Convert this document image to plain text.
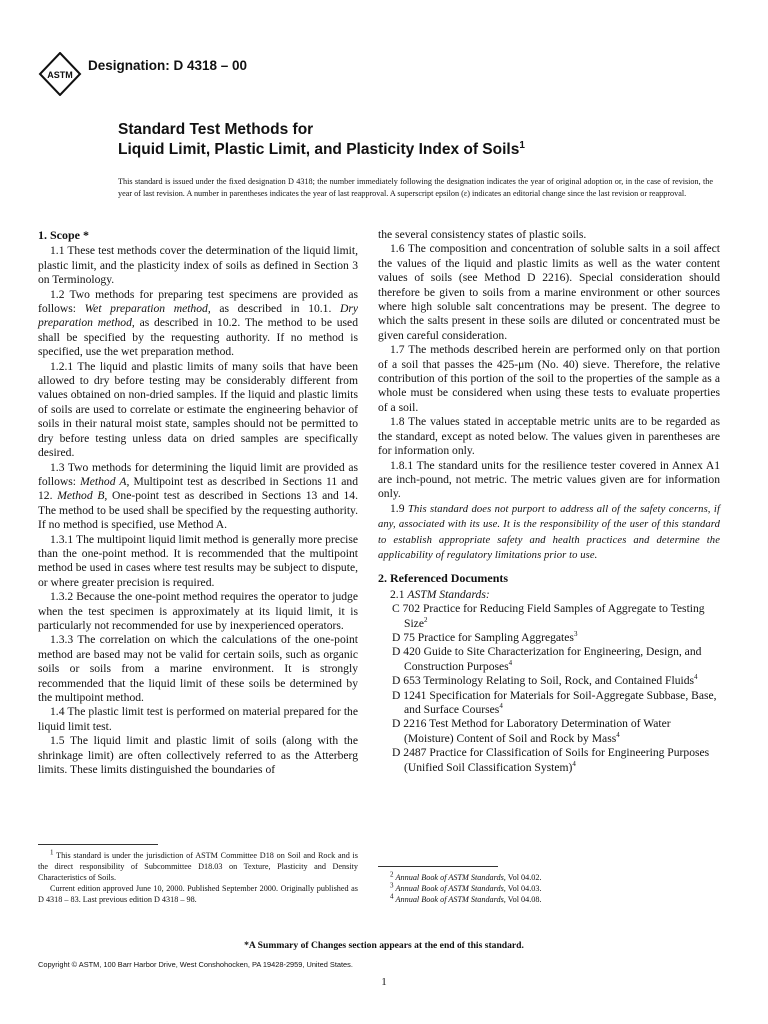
ASTM
Designation: D 4318 – 00
Standard Test Methods for
Liquid Limit, Plastic Limit, and Plasticity Index of Soils$^1$
This standard is issued under the fixed designation D 4318; the number immediately following the designation indicates the year of original adoption or, in the case of revision, the year of last revision. A number in parentheses indicates the year of last reapproval. A superscript epsilon (ε) indicates an editorial change since the last revision or reapproval.
1. Scope *

1.1 These test methods cover the determination of the liquid limit, plastic limit, and the plasticity index of soils as defined in Section 3 on Terminology.

1.2 Two methods for preparing test specimens are provided as follows: Wet preparation method, as described in 10.1. Dry preparation method, as described in 10.2. The method to be used shall be specified by the requesting authority. If no method is specified, use the wet preparation method.

1.2.1 The liquid and plastic limits of many soils that have been allowed to dry before testing may be considerably different from values obtained on non-dried samples. If the liquid and plastic limits of soils are used to correlate or estimate the engineering behavior of soils in their natural moist state, samples should not be permitted to dry before testing unless data on dried samples are specifically desired.

1.3 Two methods for determining the liquid limit are provided as follows: Method A, Multipoint test as described in Sections 11 and 12. Method B, One-point test as described in Sections 13 and 14. The method to be used shall be specified by the requesting authority. If no method is specified, use Method A.

1.3.1 The multipoint liquid limit method is generally more precise than the one-point method. It is recommended that the multipoint method be used in cases where test results may be subject to dispute, or where greater precision is required.

1.3.2 Because the one-point method requires the operator to judge when the test specimen is approximately at its liquid limit, it is particularly not recommended for use by inexperienced operators.

1.3.3 The correlation on which the calculations of the one-point method are based may not be valid for certain soils, such as organic soils or soils from a marine environment. It is strongly recommended that the liquid limit of these soils be determined by the multipoint method.

1.4 The plastic limit test is performed on material prepared for the liquid limit test.

1.5 The liquid limit and plastic limit of soils (along with the shrinkage limit) are often collectively referred to as the Atterberg limits. These limits distinguished the boundaries of

the several consistency states of plastic soils.

1.6 The composition and concentration of soluble salts in a soil affect the values of the liquid and plastic limits as well as the water content values of soils (see Method D 2216). Special consideration should therefore be given to soils from a marine environment or other sources where high soluble salt concentrations may be present. The degree to which the salts present in these soils are diluted or concentrated must be given careful consideration.

1.7 The methods described herein are performed only on that portion of a soil that passes the 425-μm (No. 40) sieve. Therefore, the relative contribution of this portion of the soil to the properties of the sample as a whole must be considered when using these tests to evaluate properties of a soil.

1.8 The values stated in acceptable metric units are to be regarded as the standard, except as noted below. The values given in parentheses are for information only.

1.8.1 The standard units for the resilience tester covered in Annex A1 are inch-pound, not metric. The metric values given are for information only.

1.9 This standard does not purport to address all of the safety concerns, if any, associated with its use. It is the responsibility of the user of this standard to establish appropriate safety and health practices and determine the applicability of regulatory limitations prior to use.

2. Referenced Documents

2.1 ASTM Standards:

C 702 Practice for Reducing Field Samples of Aggregate to Testing Size$^2$

D 75 Practice for Sampling Aggregates$^3$

D 420 Guide to Site Characterization for Engineering, Design, and Construction Purposes$^4$

D 653 Terminology Relating to Soil, Rock, and Contained Fluids$^4$

D 1241 Specification for Materials for Soil-Aggregate Subbase, Base, and Surface Courses$^4$

D 2216 Test Method for Laboratory Determination of Water (Moisture) Content of Soil and Rock by Mass$^4$

D 2487 Practice for Classification of Soils for Engineering Purposes (Unified Soil Classification System)$^4$

$^1$ This standard is under the jurisdiction of ASTM Committee D18 on Soil and Rock and is the direct responsibility of Subcommittee D18.03 on Texture, Plasticity and Density Characteristics of Soils.

Current edition approved June 10, 2000. Published September 2000. Originally published as D 4318 – 83. Last previous edition D 4318 – 98.

$^2$ Annual Book of ASTM Standards, Vol 04.02.

$^3$ Annual Book of ASTM Standards, Vol 04.03.

$^4$ Annual Book of ASTM Standards, Vol 04.08.

*A Summary of Changes section appears at the end of this standard.
Copyright © ASTM, 100 Barr Harbor Drive, West Conshohocken, PA 19428-2959, United States.
1
